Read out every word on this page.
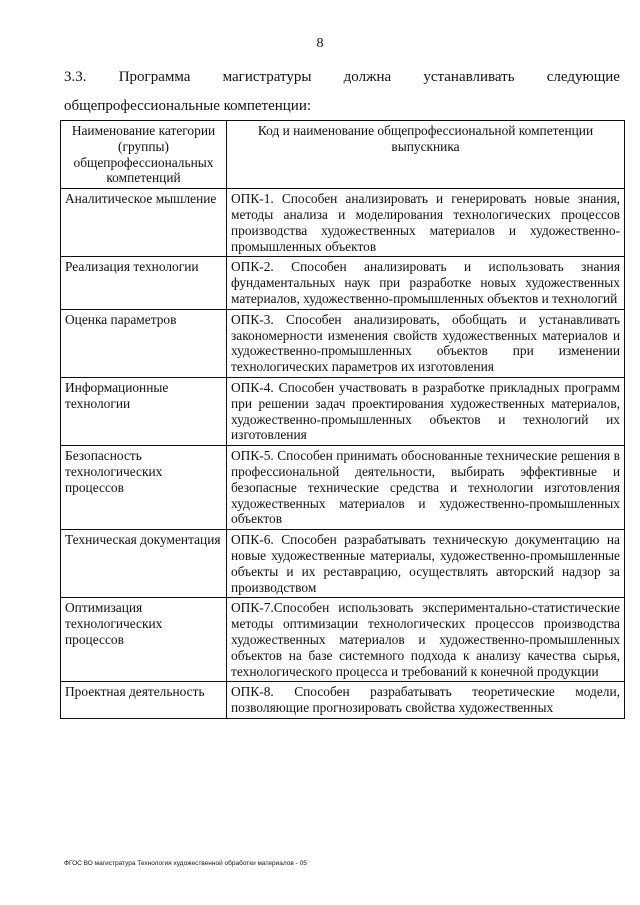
8
3.3. Программа магистратуры должна устанавливать следующие
общепрофессиональные компетенции:
Наименование категории (группы) общепрофессиональных компетенций	Код и наименование общепрофессиональной компетенции выпускника
Аналитическое мышление	ОПК-1. Способен анализировать и генерировать новые знания, методы анализа и моделирования технологических процессов производства художественных материалов и художественно-промышленных объектов
Реализация технологии	ОПК-2. Способен анализировать и использовать знания фундаментальных наук при разработке новых художественных материалов, художественно-промышленных объектов и технологий
Оценка параметров	ОПК-3. Способен анализировать, обобщать и устанавливать закономерности изменения свойств художественных материалов и художественно-промышленных объектов при изменении технологических параметров их изготовления
Информационные технологии	ОПК-4. Способен участвовать в разработке прикладных программ при решении задач проектирования художественных материалов, художественно-промышленных объектов и технологий их изготовления
Безопасность технологических процессов	ОПК-5. Способен принимать обоснованные технические решения в профессиональной деятельности, выбирать эффективные и безопасные технические средства и технологии изготовления художественных материалов и художественно-промышленных объектов
Техническая документация	ОПК-6. Способен разрабатывать техническую документацию на новые художественные материалы, художественно-промышленные объекты и их реставрацию, осуществлять авторский надзор за производством
Оптимизация технологических процессов	ОПК-7.Способен использовать экспериментально-статистические методы оптимизации технологических процессов производства художественных материалов и художественно-промышленных объектов на базе системного подхода к анализу качества сырья, технологического процесса и требований к конечной продукции
Проектная деятельность	ОПК-8. Способен разрабатывать теоретические модели, позволяющие прогнозировать свойства художественных
ФГОС ВО магистратура Технология художественной обработки материалов - 05
